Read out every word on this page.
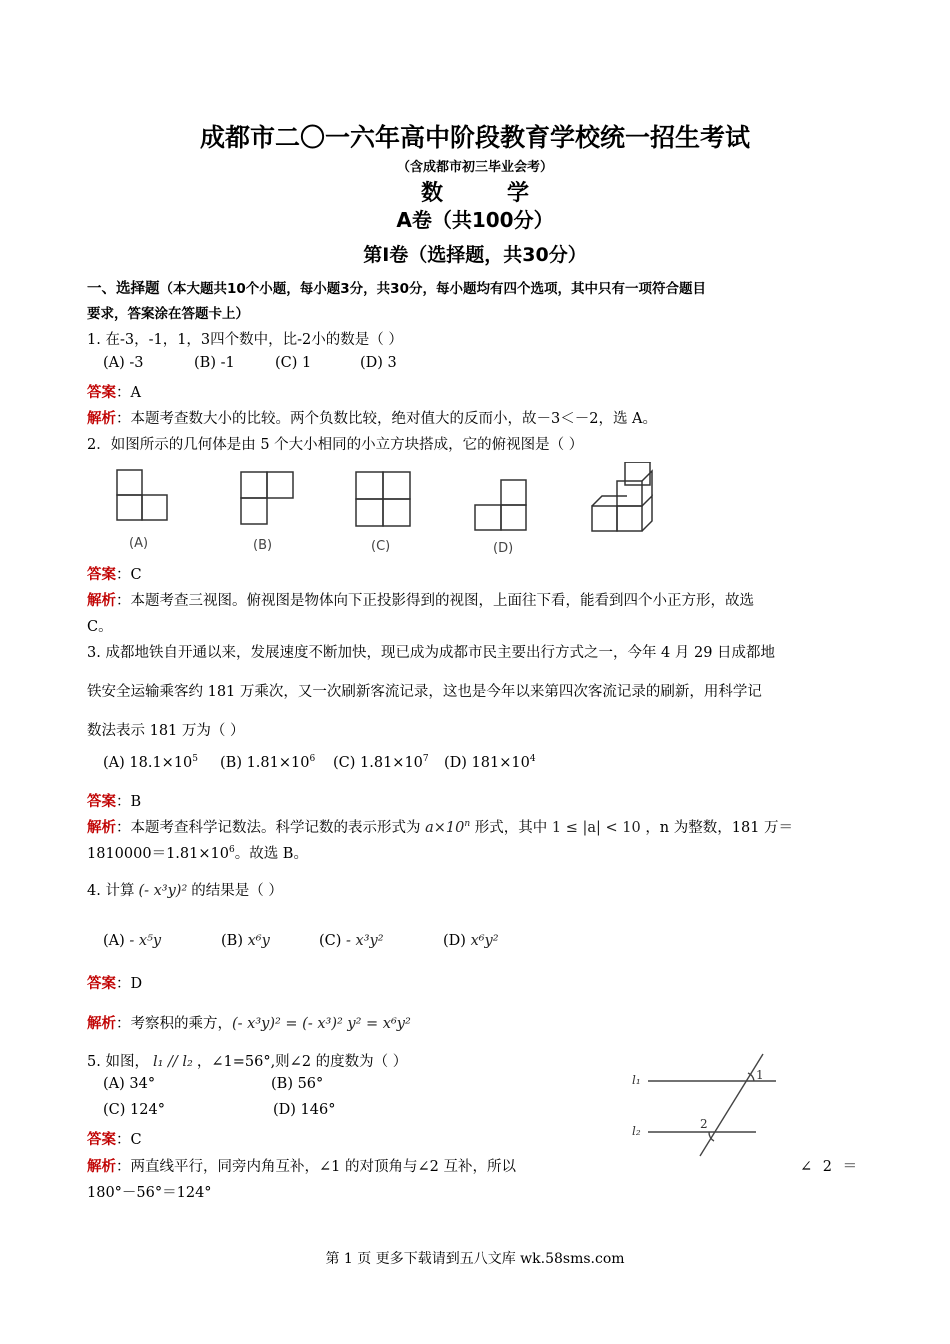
成都市二〇一六年高中阶段教育学校统一招生考试
（含成都市初三毕业会考）
数	学
A卷（共100分）
第Ⅰ卷（选择题，共30分）
一、选择题（本大题共10个小题，每小题3分，共30分，每小题均有四个选项，其中只有一项符合题目
要求，答案涂在答题卡上）
1. 在-3，-1，1，3四个数中，比-2小的数是（ ）
(A) -3	(B) -1	(C) 1	(D) 3
答案：A
解析：本题考查数大小的比较。两个负数比较，绝对值大的反而小，故－3＜－2，选 A。
2．如图所示的几何体是由 5 个大小相同的小立方块搭成，它的俯视图是（ ）
(A)	(B)	(C)	(D)
答案：C
解析：本题考查三视图。俯视图是物体向下正投影得到的视图，上面往下看，能看到四个小正方形，故选
C。
3. 成都地铁自开通以来，发展速度不断加快，现已成为成都市民主要出行方式之一，今年 4 月 29 日成都地
铁安全运输乘客约 181 万乘次，又一次刷新客流记录，这也是今年以来第四次客流记录的刷新，用科学记
数法表示 181 万为（ ）
(A) $18.1\times 10^5$ (B) $1.81\times 10^6$ (C) $1.81\times 10^7$ (D) $181\times 10^4$
答案：B
解析：本题考查科学记数法。科学记数的表示形式为 $a\times 10^n$ 形式，其中 1 ≤ |a| < 10 ，n 为整数，181 万＝
$1810000=1.81\times 10^6$。故选 B。
4. 计算 (- x³y)² 的结果是（ ）
(A) - x⁵y	(B) x⁶y	(C) - x³y²	(D) x⁶y²
答案：D
解析：考察积的乘方，(- x³y)² = (- x³)² y² = x⁶y²
5. 如图， l₁ // l₂ ，∠1=56°,则∠2 的度数为（ ）
(A) 34°	(B) 56°
(C) 124°	(D) 146°
答案：C
解析：两直线平行，同旁内角互补，∠1 的对顶角与∠2 互补，所以	∠ 2 ＝
180°－56°＝124°
l₁
l₂
1
2
第 1 页 更多下载请到五八文库 wk.58sms.com
